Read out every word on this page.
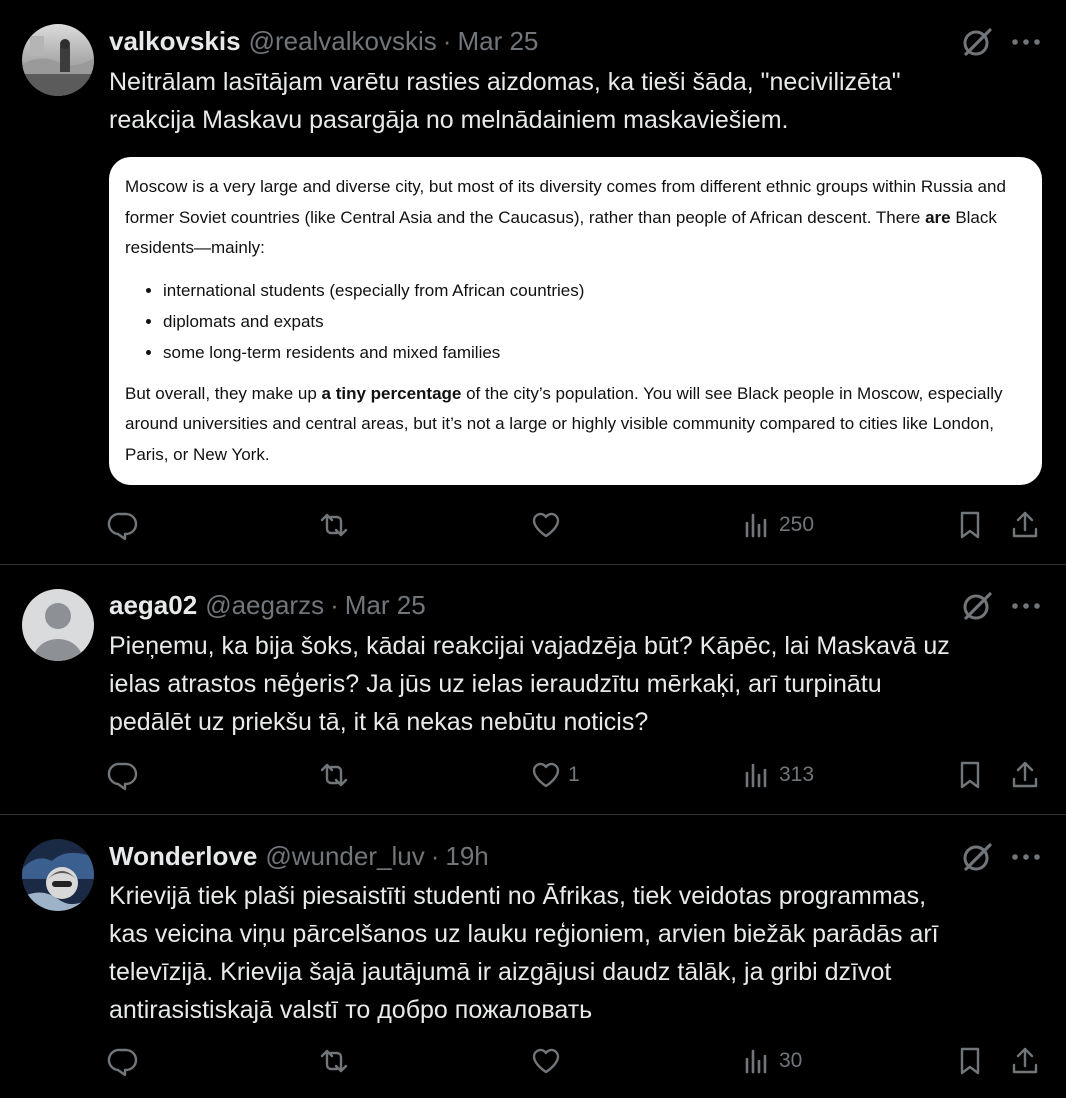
valkovskis @realvalkovskis · Mar 25

Neitrālam lasītājam varētu rasties aizdomas, ka tieši šāda, "necivilizēta"

reakcija Maskavu pasargāja no melnādainiem maskaviešiem.

Moscow is a very large and diverse city, but most of its diversity comes from different ethnic groups within Russia and former Soviet countries (like Central Asia and the Caucasus), rather than people of African descent. There are Black residents—mainly:

• international students (especially from African countries)
• diplomats and expats
• some long-term residents and mixed families

But overall, they make up a tiny percentage of the city’s population. You will see Black people in Moscow, especially around universities and central areas, but it’s not a large or highly visible community compared to cities like London, Paris, or New York.

250
aega02 @aegarzs · Mar 25

Pieņemu, ka bija šoks, kādai reakcijai vajadzēja būt? Kāpēc, lai Maskavā uz

ielas atrastos nēģeris? Ja jūs uz ielas ieraudzītu mērkaķi, arī turpinātu

pedālēt uz priekšu tā, it kā nekas nebūtu noticis?

1	313
Wonderlove @wunder_luv · 19h

Krievijā tiek plaši piesaistīti studenti no Āfrikas, tiek veidotas programmas,

kas veicina viņu pārcelšanos uz lauku reģioniem, arvien biežāk parādās arī

televīzijā. Krievija šajā jautājumā ir aizgājusi daudz tālāk, ja gribi dzīvot

antirasistiskajā valstī то добро пожаловать

30
